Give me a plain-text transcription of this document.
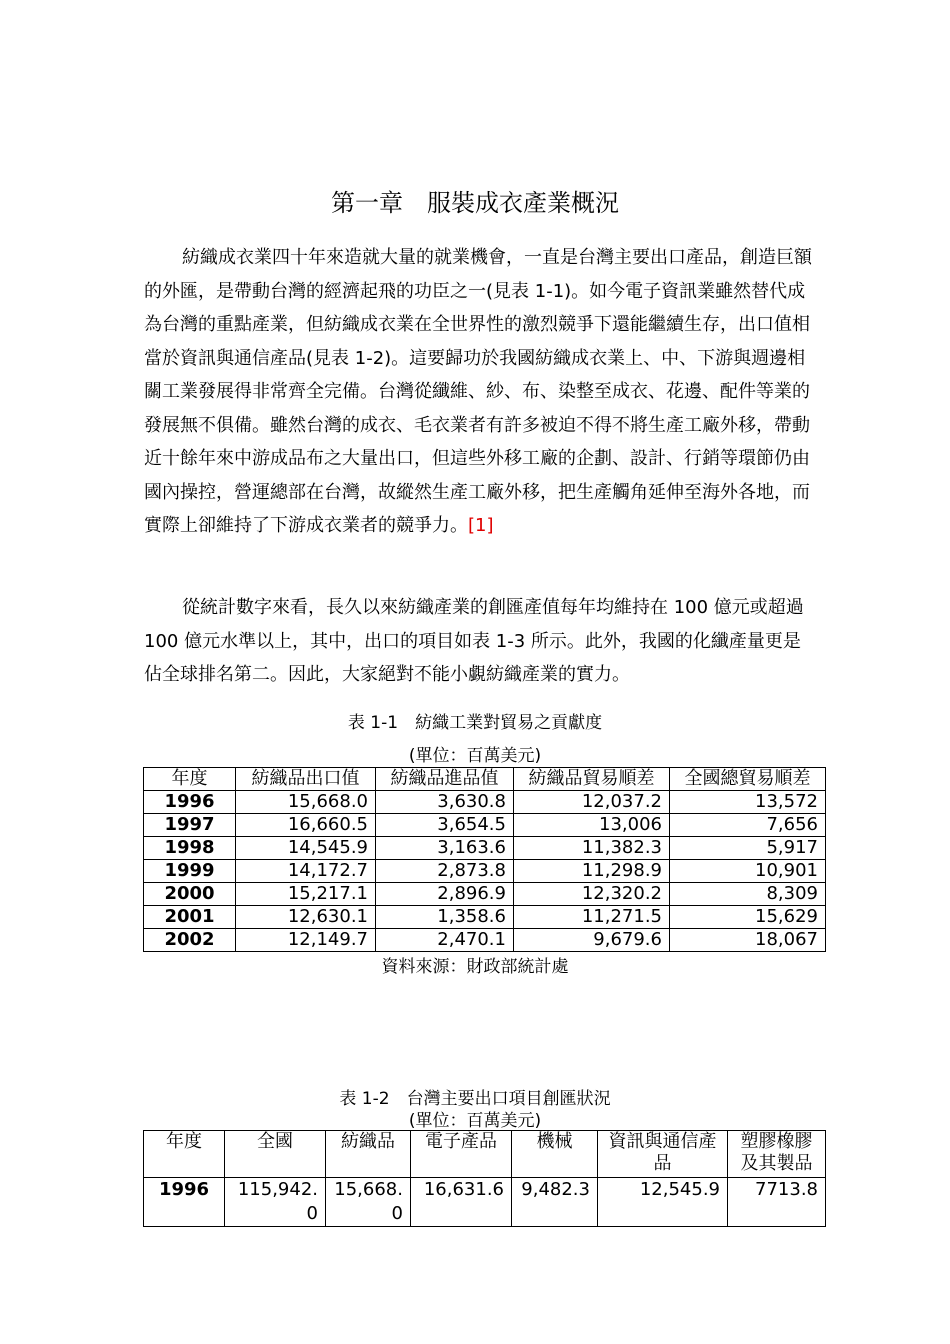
第一章　服裝成衣產業概況

紡織成衣業四十年來造就大量的就業機會，一直是台灣主要出口產品，創造巨額的外匯，是帶動台灣的經濟起飛的功臣之一(見表 1-1)。如今電子資訊業雖然替代成為台灣的重點產業，但紡織成衣業在全世界性的激烈競爭下還能繼續生存，出口值相當於資訊與通信產品(見表 1-2)。這要歸功於我國紡織成衣業上、中、下游與週邊相關工業發展得非常齊全完備。台灣從纖維、紗、布、染整至成衣、花邊、配件等業的發展無不俱備。雖然台灣的成衣、毛衣業者有許多被迫不得不將生產工廠外移，帶動近十餘年來中游成品布之大量出口，但這些外移工廠的企劃、設計、行銷等環節仍由國內操控，營運總部在台灣，故縱然生產工廠外移，把生產觸角延伸至海外各地，而實際上卻維持了下游成衣業者的競爭力。[1]

從統計數字來看，長久以來紡織產業的創匯產值每年均維持在 100 億元或超過 100 億元水準以上，其中，出口的項目如表 1-3 所示。此外，我國的化纖產量更是佔全球排名第二。因此，大家絕對不能小覷紡織產業的實力。

表 1-1　紡織工業對貿易之貢獻度
(單位：百萬美元)
年度	紡織品出口值	紡織品進品值	紡織品貿易順差	全國總貿易順差
1996	15,668.0	3,630.8	12,037.2	13,572
1997	16,660.5	3,654.5	13,006	7,656
1998	14,545.9	3,163.6	11,382.3	5,917
1999	14,172.7	2,873.8	11,298.9	10,901
2000	15,217.1	2,896.9	12,320.2	8,309
2001	12,630.1	1,358.6	11,271.5	15,629
2002	12,149.7	2,470.1	9,679.6	18,067
資料來源：財政部統計處
表 1-2　台灣主要出口項目創匯狀況
(單位：百萬美元)
年度	全國	紡織品	電子產品	機械	資訊與通信產品	塑膠橡膠及其製品
1996	115,942.0	15,668.0	16,631.6	9,482.3	12,545.9	7713.8
